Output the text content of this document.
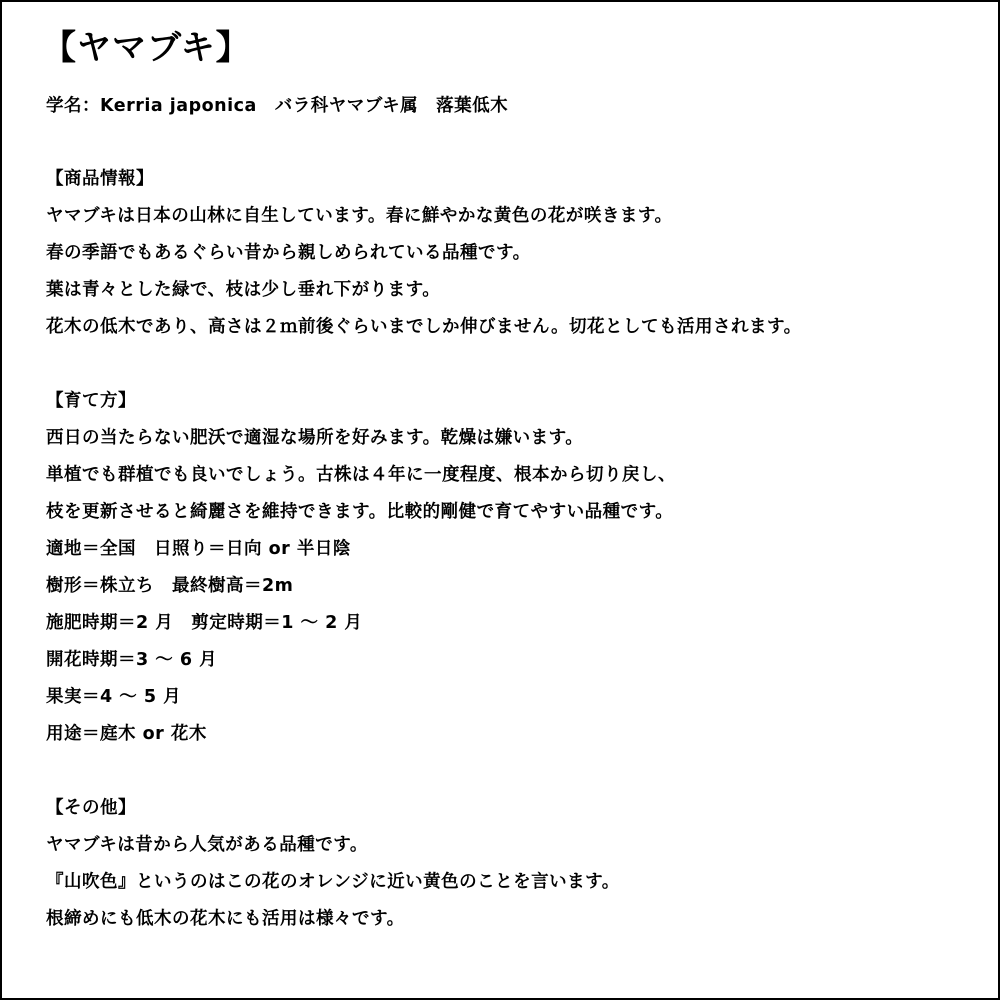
【ヤマブキ】
学名：Kerria japonica　バラ科ヤマブキ属　落葉低木
【商品情報】
ヤマブキは日本の山林に自生しています。春に鮮やかな黄色の花が咲きます。
春の季語でもあるぐらい昔から親しめられている品種です。
葉は青々とした緑で、枝は少し垂れ下がります。
花木の低木であり、高さは２ｍ前後ぐらいまでしか伸びません。切花としても活用されます。
【育て方】
西日の当たらない肥沃で適湿な場所を好みます。乾燥は嫌います。
単植でも群植でも良いでしょう。古株は４年に一度程度、根本から切り戻し、
枝を更新させると綺麗さを維持できます。比較的剛健で育てやすい品種です。
適地＝全国　日照り＝日向 or 半日陰
樹形＝株立ち　最終樹高＝2m
施肥時期＝2 月　剪定時期＝1 ～ 2 月
開花時期＝3 ～ 6 月
果実＝4 ～ 5 月
用途＝庭木 or 花木
【その他】
ヤマブキは昔から人気がある品種です。
『山吹色』というのはこの花のオレンジに近い黄色のことを言います。
根締めにも低木の花木にも活用は様々です。
